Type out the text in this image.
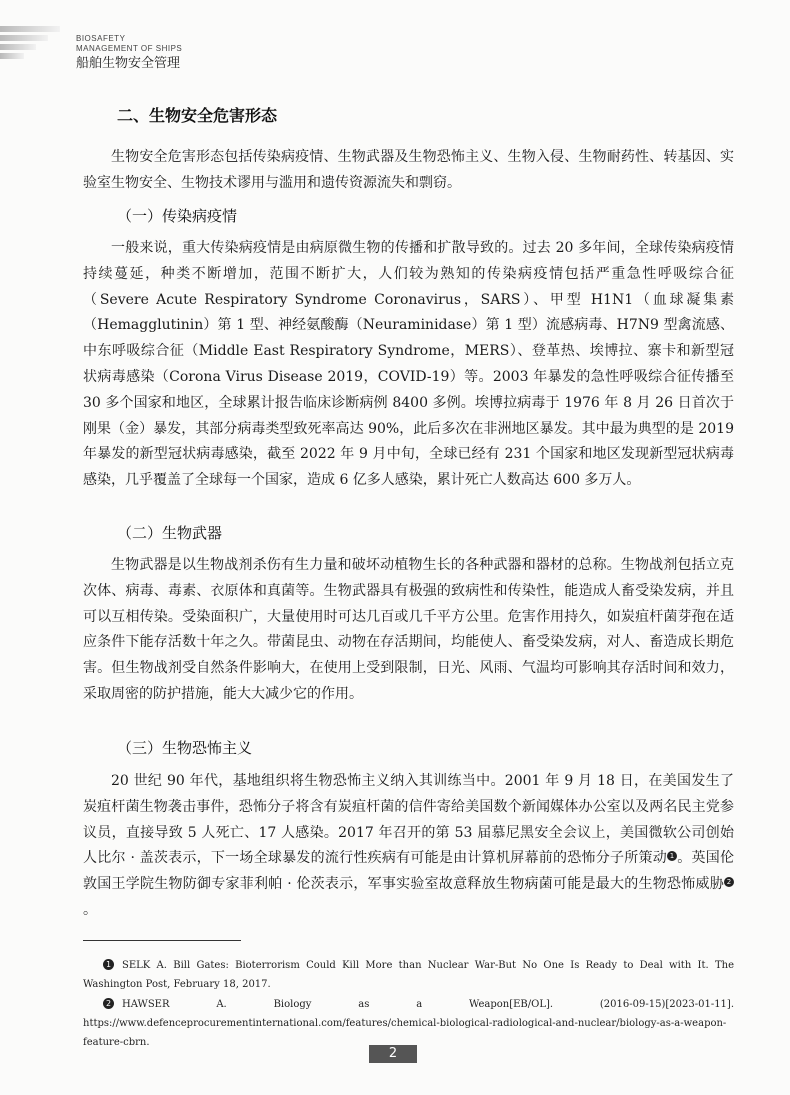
BIOSAFETY
MANAGEMENT OF SHIPS
船舶生物安全管理
二、生物安全危害形态

生物安全危害形态包括传染病疫情、生物武器及生物恐怖主义、生物入侵、生物耐药性、转基因、实验室生物安全、生物技术谬用与滥用和遗传资源流失和剽窃。

（一）传染病疫情

一般来说，重大传染病疫情是由病原微生物的传播和扩散导致的。过去 20 多年间，全球传染病疫情持续蔓延，种类不断增加，范围不断扩大，人们较为熟知的传染病疫情包括严重急性呼吸综合征（Severe Acute Respiratory Syndrome Coronavirus，SARS）、甲型 H1N1（血球凝集素（Hemagglutinin）第 1 型、神经氨酸酶（Neuraminidase）第 1 型）流感病毒、H7N9 型禽流感、中东呼吸综合征（Middle East Respiratory Syndrome，MERS）、登革热、埃博拉、寨卡和新型冠状病毒感染（Corona Virus Disease 2019，COVID-19）等。2003 年暴发的急性呼吸综合征传播至 30 多个国家和地区，全球累计报告临床诊断病例 8400 多例。埃博拉病毒于 1976 年 8 月 26 日首次于刚果（金）暴发，其部分病毒类型致死率高达 90%，此后多次在非洲地区暴发。其中最为典型的是 2019 年暴发的新型冠状病毒感染，截至 2022 年 9 月中旬，全球已经有 231 个国家和地区发现新型冠状病毒感染，几乎覆盖了全球每一个国家，造成 6 亿多人感染，累计死亡人数高达 600 多万人。

（二）生物武器

生物武器是以生物战剂杀伤有生力量和破坏动植物生长的各种武器和器材的总称。生物战剂包括立克次体、病毒、毒素、衣原体和真菌等。生物武器具有极强的致病性和传染性，能造成人畜受染发病，并且可以互相传染。受染面积广，大量使用时可达几百或几千平方公里。危害作用持久，如炭疽杆菌芽孢在适应条件下能存活数十年之久。带菌昆虫、动物在存活期间，均能使人、畜受染发病，对人、畜造成长期危害。但生物战剂受自然条件影响大，在使用上受到限制，日光、风雨、气温均可影响其存活时间和效力，采取周密的防护措施，能大大减少它的作用。

（三）生物恐怖主义

20 世纪 90 年代，基地组织将生物恐怖主义纳入其训练当中。2001 年 9 月 18 日，在美国发生了炭疽杆菌生物袭击事件，恐怖分子将含有炭疽杆菌的信件寄给美国数个新闻媒体办公室以及两名民主党参议员，直接导致 5 人死亡、17 人感染。2017 年召开的第 53 届慕尼黑安全会议上，美国微软公司创始人比尔 · 盖茨表示，下一场全球暴发的流行性疾病有可能是由计算机屏幕前的恐怖分子所策动 1 。英国伦敦国王学院生物防御专家菲利帕 · 伦茨表示，军事实验室故意释放生物病菌可能是最大的生物恐怖威胁 2。

1 SELK A. Bill Gates: Bioterrorism Could Kill More than Nuclear War-But No One Is Ready to Deal with It. The Washington Post, February 18, 2017.

2 HAWSER A. Biology as a Weapon[EB/OL]. (2016-09-15)[2023-01-11]. https://www.defenceprocurementinternational.com/features/chemical-biological-radiological-and-nuclear/biology-as-a-weapon-feature-cbrn.

2
